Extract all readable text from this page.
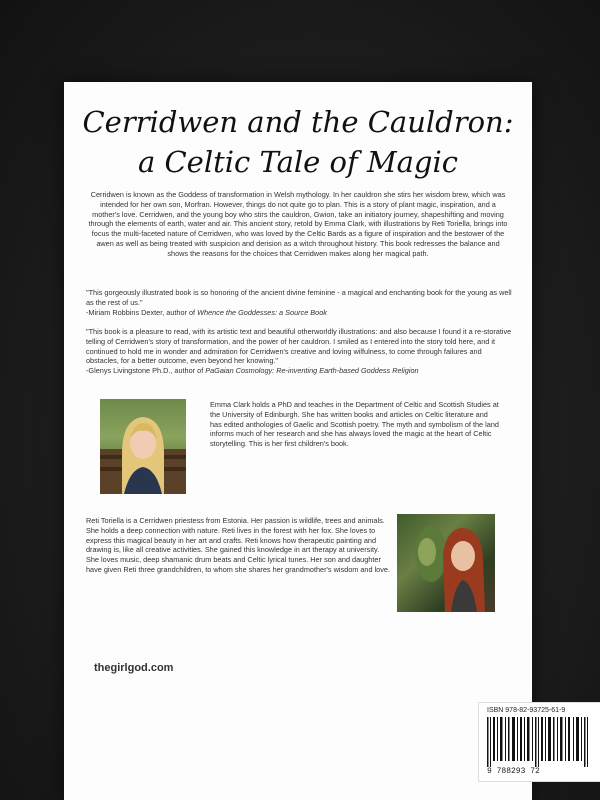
Cerridwen and the Cauldron:
a Celtic Tale of Magic

Cerridwen is known as the Goddess of transformation in Welsh mythology. In her cauldron she stirs her wisdom brew, which was intended for her own son, Morfran. However, things do not quite go to plan. This is a story of plant magic, inspiration, and a mother's love. Cerridwen, and the young boy who stirs the cauldron, Gwion, take an initiatory journey, shapeshifting and moving through the elements of earth, water and air. This ancient story, retold by Emma Clark, with illustrations by Reti Toriella, brings into focus the multi-faceted nature of Cerridwen, who was loved by the Celtic Bards as a figure of inspiration and the bestower of the awen as well as being treated with suspicion and derision as a witch throughout history. This book redresses the balance and shows the reasons for the choices that Cerridwen makes along her magical path.

"This gorgeously illustrated book is so honoring of the ancient divine feminine - a magical and enchanting book for the young as well as the rest of us."
-Miriam Robbins Dexter, author of Whence the Goddesses: a Source Book
"This book is a pleasure to read, with its artistic text and beautiful otherworldly illustrations: and also because I found it a re-storative telling of Cerridwen's story of transformation, and the power of her cauldron. I smiled as I entered into the story told here, and it continued to hold me in wonder and admiration for Cerridwen's creative and loving wilfulness, to come through failures and obstacles, for a better outcome, even beyond her knowing."
-Glenys Livingstone Ph.D., author of PaGaian Cosmology: Re-inventing Earth-based Goddess Religion

Emma Clark holds a PhD and teaches in the Department of Celtic and Scottish Studies at the University of Edinburgh. She has written books and articles on Celtic literature and has edited anthologies of Gaelic and Scottish poetry. The myth and symbolism of the land informs much of her research and she has always loved the magic at the heart of Celtic storytelling. This is her first children's book.

Reti Toriella is a Cerridwen priestess from Estonia. Her passion is wildlife, trees and animals. She holds a deep connection with nature. Reti lives in the forest with her fox. She loves to express this magical beauty in her art and crafts. Reti knows how therapeutic painting and drawing is, like all creative activities. She gained this knowledge in art therapy at university. She loves music, deep shamanic drum beats and Celtic lyrical tunes. Her son and daughter have given Reti three grandchildren, to whom she shares her grandmother's wisdom and love.

thegirlgod.com
ISBN 978-82-93725-61-9
9 788293 72
